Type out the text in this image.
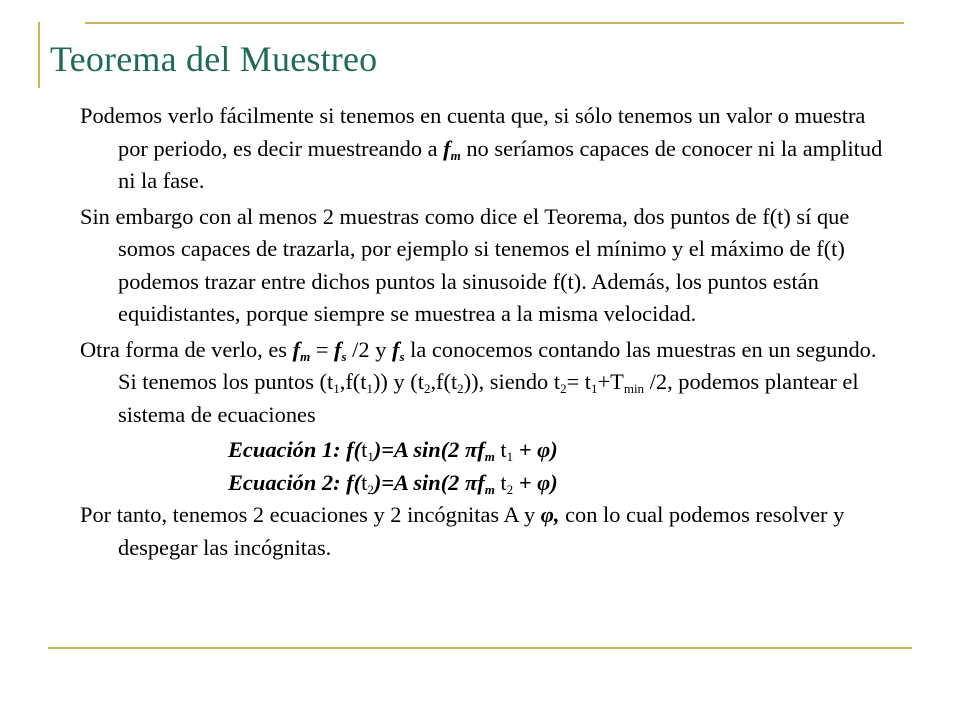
Teorema del Muestreo

Podemos verlo fácilmente si tenemos en cuenta que, si sólo tenemos un valor o muestra por periodo, es decir muestreando a $f_m$ no seríamos capaces de conocer ni la amplitud ni la fase.

Sin embargo con al menos 2 muestras como dice el Teorema, dos puntos de f(t) sí que somos capaces de trazarla, por ejemplo si tenemos el mínimo y el máximo de f(t) podemos trazar entre dichos puntos la sinusoide f(t). Además, los puntos están equidistantes, porque siempre se muestrea a la misma velocidad.

Otra forma de verlo, es $f_m = f_s$ /2 y $f_s$ la conocemos contando las muestras en un segundo. Si tenemos los puntos $(t_1,f(t_1))$ y $(t_2,f(t_2))$, siendo $t_2= t_1+T_{min}$ /2, podemos plantear el sistema de ecuaciones

Ecuación 1: $f(t_1)=A$ sin(2 $\pi f_m$ $t_1 + \varphi$)

Ecuación 2: $f(t_2)=A$ sin(2 $\pi f_m$ $t_2 + \varphi$)

Por tanto, tenemos 2 ecuaciones y 2 incógnitas A y φ, con lo cual podemos resolver y despegar las incógnitas.
